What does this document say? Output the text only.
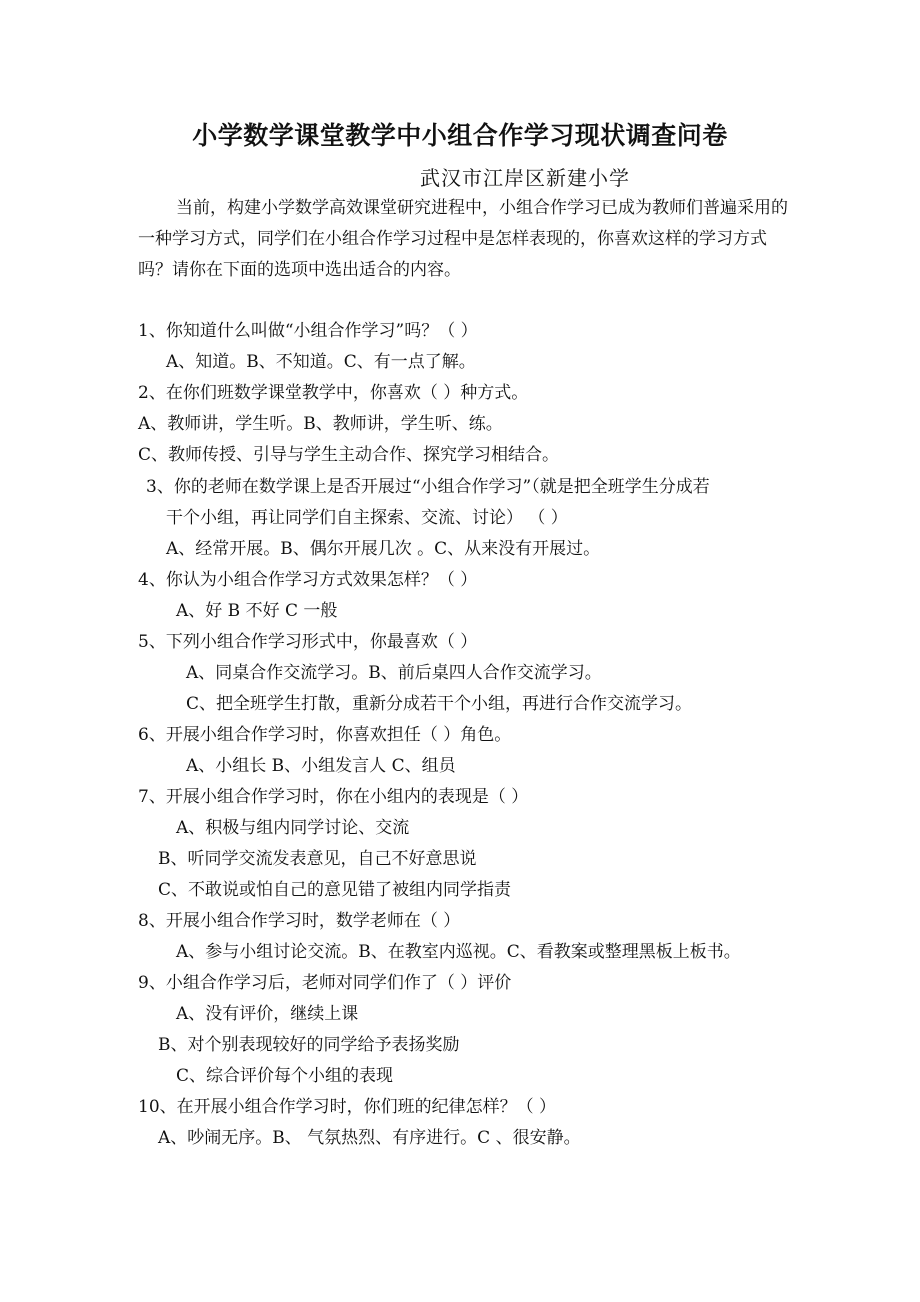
小学数学课堂教学中小组合作学习现状调查问卷
武汉市江岸区新建小学

当前，构建小学数学高效课堂研究进程中，小组合作学习已成为教师们普遍采用的一种学习方式，同学们在小组合作学习过程中是怎样表现的，你喜欢这样的学习方式吗？请你在下面的选项中选出适合的内容。

1、你知道什么叫做“小组合作学习”吗？（ ）
A、知道。B、不知道。C、有一点了解。
2、在你们班数学课堂教学中，你喜欢（ ）种方式。
A、教师讲，学生听。B、教师讲，学生听、练。
C、教师传授、引导与学生主动合作、探究学习相结合。
3、你的老师在数学课上是否开展过“小组合作学习”（就是把全班学生分成若
干个小组，再让同学们自主探索、交流、讨论） （ ）
A、经常开展。B、偶尔开展几次 。C、从来没有开展过。
4、你认为小组合作学习方式效果怎样？（ ）
A、好 B 不好 C 一般
5、下列小组合作学习形式中，你最喜欢（ ）
A、同桌合作交流学习。B、前后桌四人合作交流学习。
C、把全班学生打散，重新分成若干个小组，再进行合作交流学习。
6、开展小组合作学习时，你喜欢担任（ ）角色。
A、小组长 B、小组发言人 C、组员
7、开展小组合作学习时，你在小组内的表现是（ ）
A、积极与组内同学讨论、交流
B、听同学交流发表意见，自己不好意思说
C、不敢说或怕自己的意见错了被组内同学指责
8、开展小组合作学习时，数学老师在（ ）
A、参与小组讨论交流。B、在教室内巡视。C、看教案或整理黑板上板书。
9、小组合作学习后，老师对同学们作了（ ）评价
A、没有评价，继续上课
B、对个别表现较好的同学给予表扬奖励
C、综合评价每个小组的表现
10、在开展小组合作学习时，你们班的纪律怎样？（ ）
A、吵闹无序。B、 气氛热烈、有序进行。C 、很安静。
